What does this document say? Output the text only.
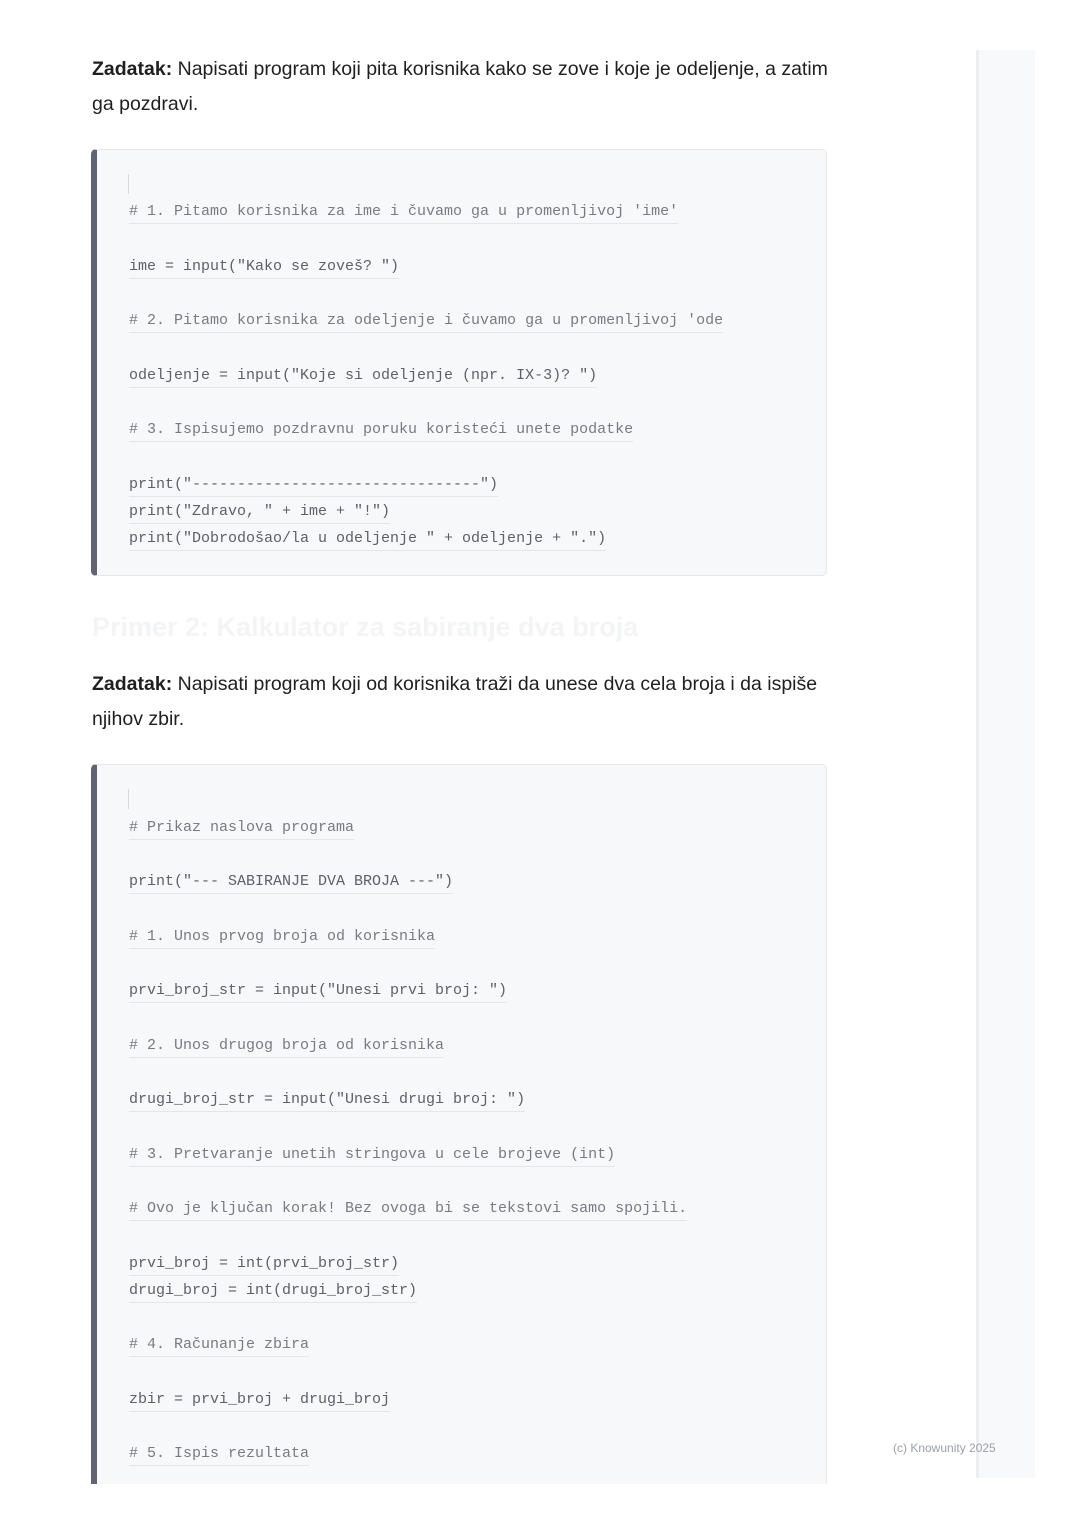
Zadatak: Napisati program koji pita korisnika kako se zove i koje je odeljenje, a zatim ga pozdravi.

# 1. Pitamo korisnika za ime i čuvamo ga u promenljivoj 'ime'
ime = input("Kako se zoveš? ")
# 2. Pitamo korisnika za odeljenje i čuvamo ga u promenljivoj 'ode
odeljenje = input("Koje si odeljenje (npr. IX-3)? ")
# 3. Ispisujemo pozdravnu poruku koristeći unete podatke
print("--------------------------------")
print("Zdravo, " + ime + "!")
print("Dobrodošao/la u odeljenje " + odeljenje + ".")
Primer 2: Kalkulator za sabiranje dva broja

Zadatak: Napisati program koji od korisnika traži da unese dva cela broja i da ispiše njihov zbir.

# Prikaz naslova programa
print("--- SABIRANJE DVA BROJA ---")
# 1. Unos prvog broja od korisnika
prvi_broj_str = input("Unesi prvi broj: ")
# 2. Unos drugog broja od korisnika
drugi_broj_str = input("Unesi drugi broj: ")
# 3. Pretvaranje unetih stringova u cele brojeve (int)
# Ovo je ključan korak! Bez ovoga bi se tekstovi samo spojili.
prvi_broj = int(prvi_broj_str)
drugi_broj = int(drugi_broj_str)
# 4. Računanje zbira
zbir = prvi_broj + drugi_broj
# 5. Ispis rezultata	(c) Knowunity 2025
